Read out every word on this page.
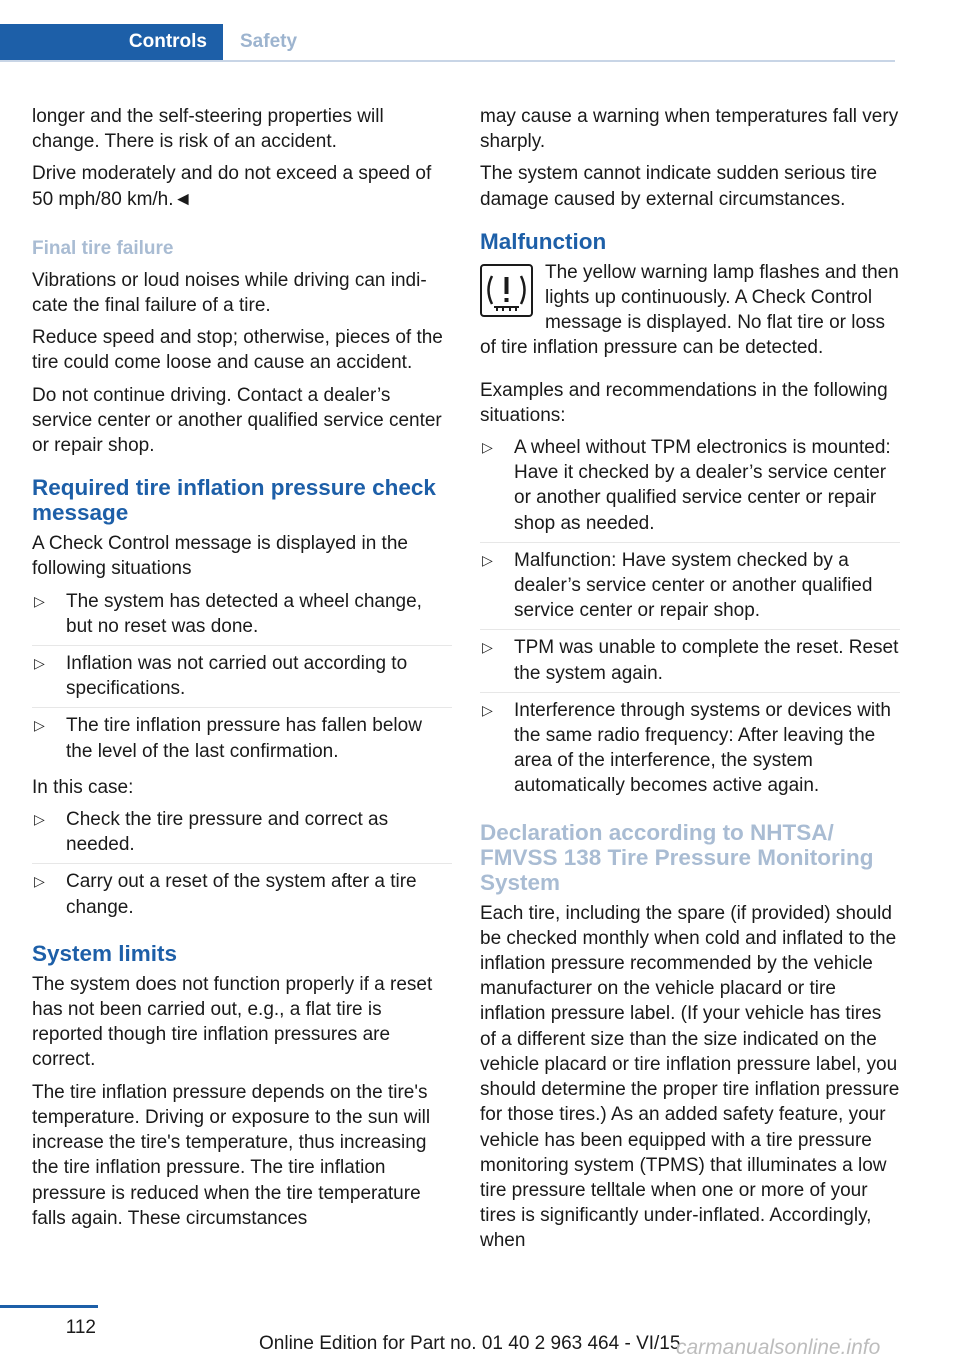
Controls	Safety

longer and the self-steering properties will change. There is risk of an accident.

Drive moderately and do not exceed a speed of 50 mph/80 km/h.◄

Final tire failure

Vibrations or loud noises while driving can indicate the final failure of a tire.

Reduce speed and stop; otherwise, pieces of the tire could come loose and cause an accident.

Do not continue driving. Contact a dealer’s service center or another qualified service center or repair shop.

Required tire inflation pressure check message

A Check Control message is displayed in the following situations

▷ The system has detected a wheel change, but no reset was done.
▷ Inflation was not carried out according to specifications.
▷ The tire inflation pressure has fallen below the level of the last confirmation.

In this case:

▷ Check the tire pressure and correct as needed.
▷ Carry out a reset of the system after a tire change.
System limits

The system does not function properly if a reset has not been carried out, e.g., a flat tire is reported though tire inflation pressures are correct.

The tire inflation pressure depends on the tire's temperature. Driving or exposure to the sun will increase the tire's temperature, thus increasing the tire inflation pressure. The tire inflation pressure is reduced when the tire temperature falls again. These circumstances

may cause a warning when temperatures fall very sharply.

The system cannot indicate sudden serious tire damage caused by external circumstances.

Malfunction

The yellow warning lamp flashes and then lights up continuously. A Check Control message is displayed. No flat tire or loss of tire inflation pressure can be detected.

Examples and recommendations in the following situations:

▷ A wheel without TPM electronics is mounted: Have it checked by a dealer’s service center or another qualified service center or repair shop as needed.
▷ Malfunction: Have system checked by a dealer’s service center or another qualified service center or repair shop.
▷ TPM was unable to complete the reset. Reset the system again.
▷ Interference through systems or devices with the same radio frequency: After leaving the area of the interference, the system automatically becomes active again.
Declaration according to NHTSA/ FMVSS 138 Tire Pressure Monitoring System

Each tire, including the spare (if provided) should be checked monthly when cold and inflated to the inflation pressure recommended by the vehicle manufacturer on the vehicle placard or tire inflation pressure label. (If your vehicle has tires of a different size than the size indicated on the vehicle placard or tire inflation pressure label, you should determine the proper tire inflation pressure for those tires.) As an added safety feature, your vehicle has been equipped with a tire pressure monitoring system (TPMS) that illuminates a low tire pressure telltale when one or more of your tires is significantly under-inflated. Accordingly, when

112
Online Edition for Part no. 01 40 2 963 464 - VI/15
carmanualsonline.info
